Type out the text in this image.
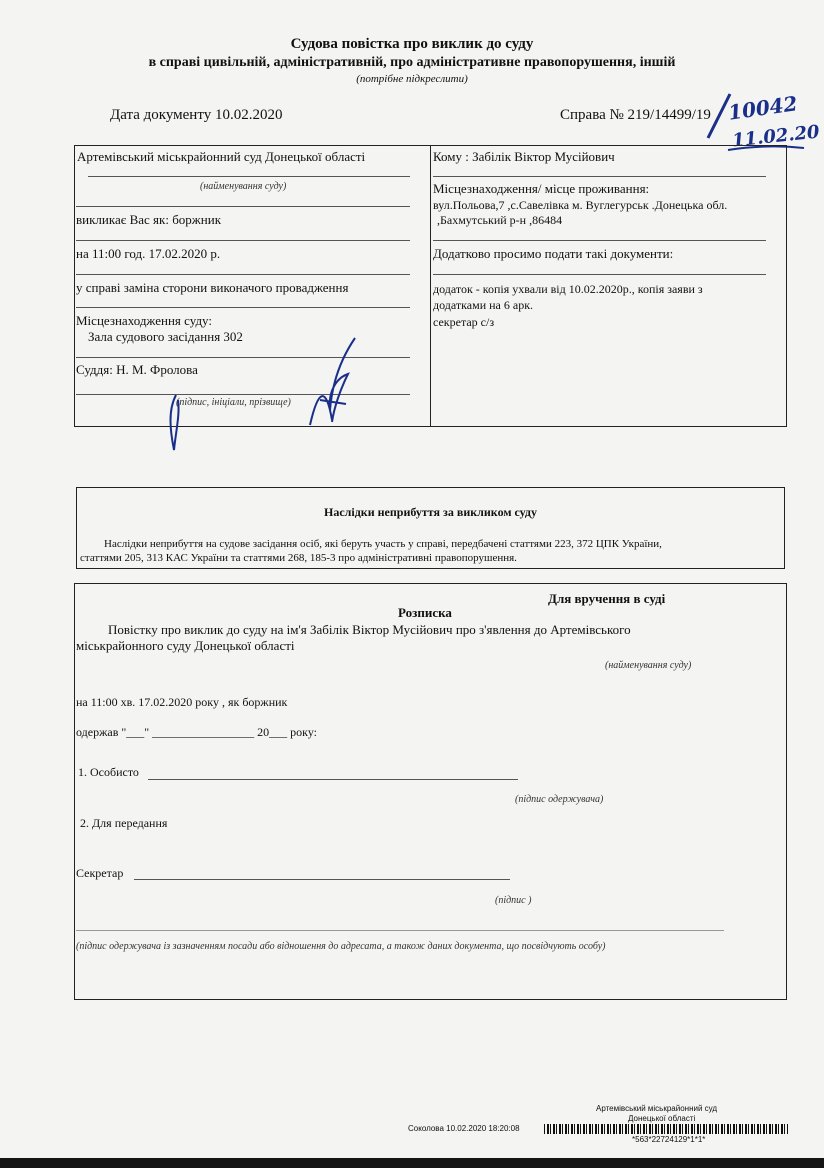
Судова повістка про виклик до суду
в справі цивільній, адміністративній, про адміністративне правопорушення, іншій
(потрібне підкреслити)
Дата документу 10.02.2020	Справа № 219/14499/19 10042
11.02.20
Артемівський міськрайонний суд Донецької області
(найменування суду)
викликає Вас як: боржник
на 11:00 год. 17.02.2020 р.
у справі заміна сторони виконачого провадження
Місцезнаходження суду:
Зала судового засідання 302
Суддя: Н. М. Фролова
(підпис, ініціали, прізвище)
Кому : Забілік Віктор Мусійович
Місцезнаходження/ місце проживання:
вул.Польова,7 ,с.Савелівка м. Вуглегурськ .Донецька обл.
,Бахмутський р-н ,86484
Додатково просимо подати такі документи:
додаток - копія ухвали від 10.02.2020р., копія заяви з
додатками на 6 арк.
секретар с/з
Наслідки неприбуття за викликом суду
Наслідки неприбуття на судове засідання осіб, які беруть участь у справі, передбачені статтями 223, 372 ЦПК України,
статтями 205, 313 КАС України та статтями 268, 185-3 про адміністративні правопорушення.
Для вручення в суді
Розписка
Повістку про виклик до суду на ім'я Забілік Віктор Мусійович про з'явлення до Артемівського
міськрайонного суду Донецької області
(найменування суду)
на 11:00 хв. 17.02.2020 року , як боржник
одержав "___" _________________ 20___ року:
1. Особисто
(підпис одержувача)
2. Для передання
Секретар
(підпис )
(підпис одержувача із зазначенням посади або відношення до адресата, а також даних документа, що посвідчують особу)
Артемівський міськрайонний суд
Донецької області
Соколова 10.02.2020 18:20:08
*563*22724129*1*1*
